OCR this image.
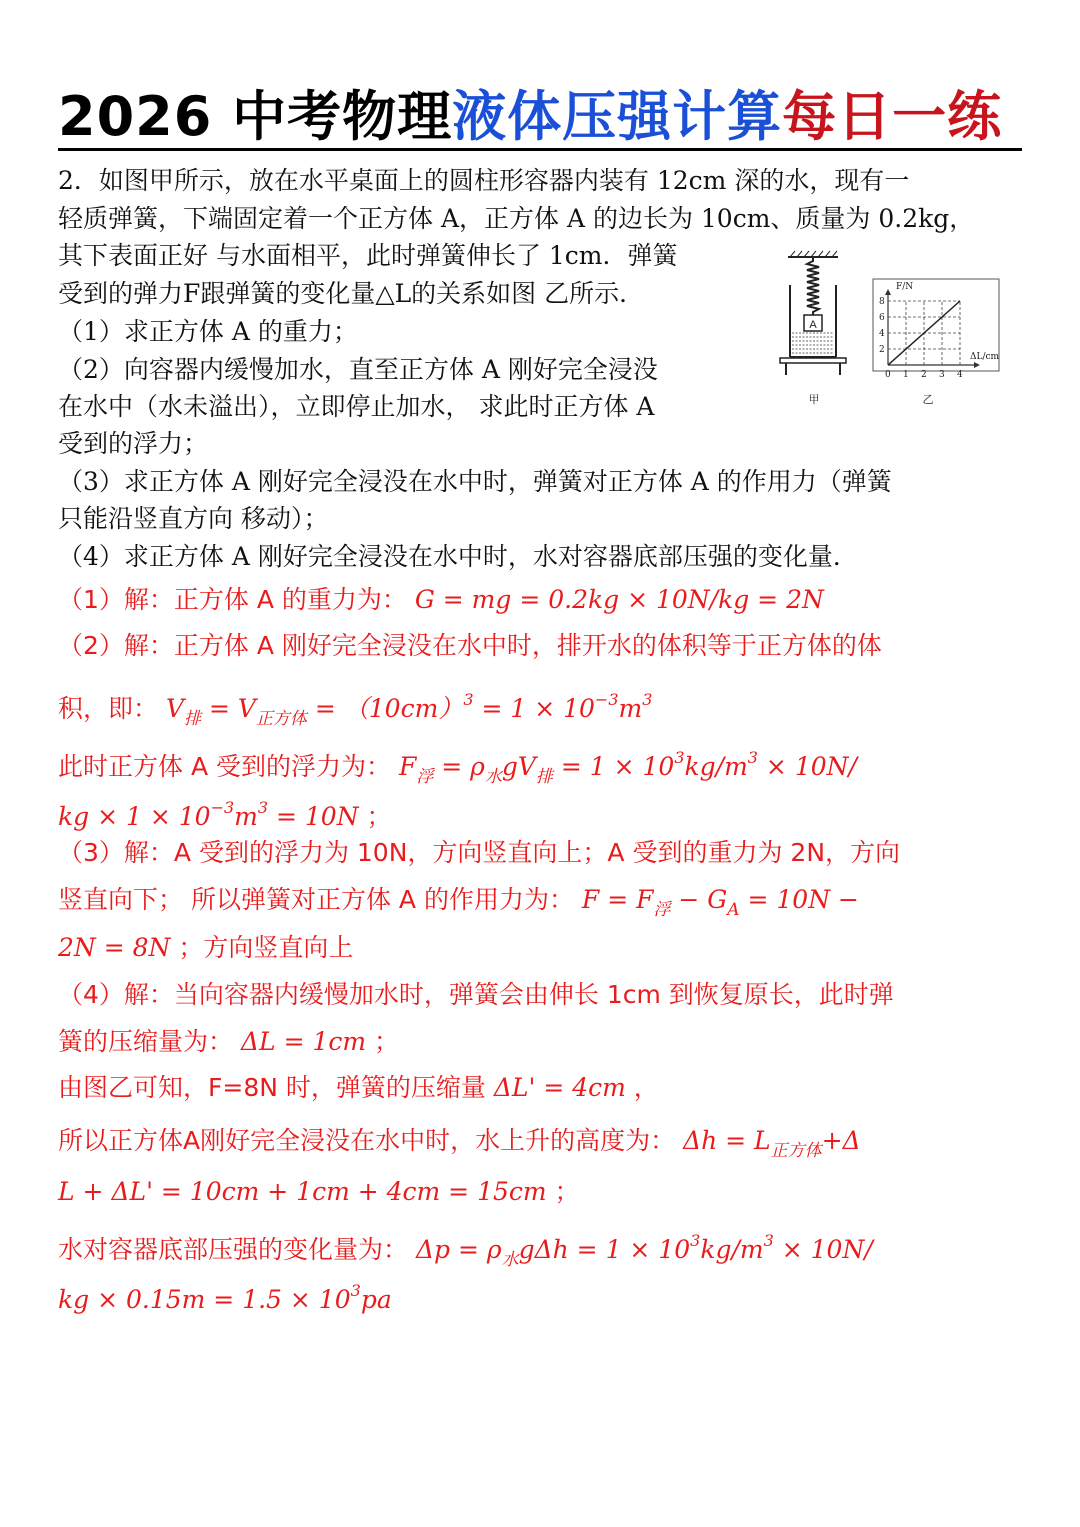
2026 中考物理液体压强计算每日一练
2．如图甲所示，放在水平桌面上的圆柱形容器内装有 12cm 深的水，现有一
轻质弹簧，下端固定着一个正方体 A，正方体 A 的边长为 10cm、质量为 0.2kg，
其下表面正好 与水面相平，此时弹簧伸长了 1cm．弹簧
受到的弹力F跟弹簧的变化量△L的关系如图 乙所示．
（1）求正方体 A 的重力；
（2）向容器内缓慢加水，直至正方体 A 刚好完全浸没
在水中（水未溢出），立即停止加水， 求此时正方体 A
受到的浮力；
（3）求正方体 A 刚好完全浸没在水中时，弹簧对正方体 A 的作用力（弹簧
只能沿竖直方向 移动）；
（4）求正方体 A 刚好完全浸没在水中时，水对容器底部压强的变化量．
A
甲
F/N
ΔL/cm
8
6
4
2
0 1 2 3 4
乙
（1）解：正方体 A 的重力为： G = mg = 0.2kg × 10N/kg = 2N
（2）解：正方体 A 刚好完全浸没在水中时，排开水的体积等于正方体的体
积，即： $V_排 = V_{正方体} = (10cm)^3 = 1 \times 10^{-3}m^3$
此时正方体 A 受到的浮力为： $F_浮 = \rho_水gV_排 = 1 \times 10^3kg/m^3 \times 10N/$
kg × $1 \times 10^{-3}m^3 = 10N$ ；
（3）解：A 受到的浮力为 10N，方向竖直向上；A 受到的重力为 2N，方向
竖直向下； 所以弹簧对正方体 A 的作用力为： $F = F_浮 - G_A = 10N$ −
2N = 8N ；方向竖直向上
（4）解：当向容器内缓慢加水时，弹簧会由伸长 1cm 到恢复原长，此时弹
簧的压缩量为： ΔL = 1cm ；
由图乙可知，F=8N 时，弹簧的压缩量 ΔL' = 4cm ，
所以正方体A刚好完全浸没在水中时，水上升的高度为： $\Delta h = L_{正方体}+\Delta$
L + ΔL' = 10cm + 1cm + 4cm = 15cm ；
水对容器底部压强的变化量为： $\Delta p = \rho_水g\Delta h = 1 \times 10^3kg/m^3 \times 10N/$
kg × $0.15m = 1.5 \times 10^3pa$
